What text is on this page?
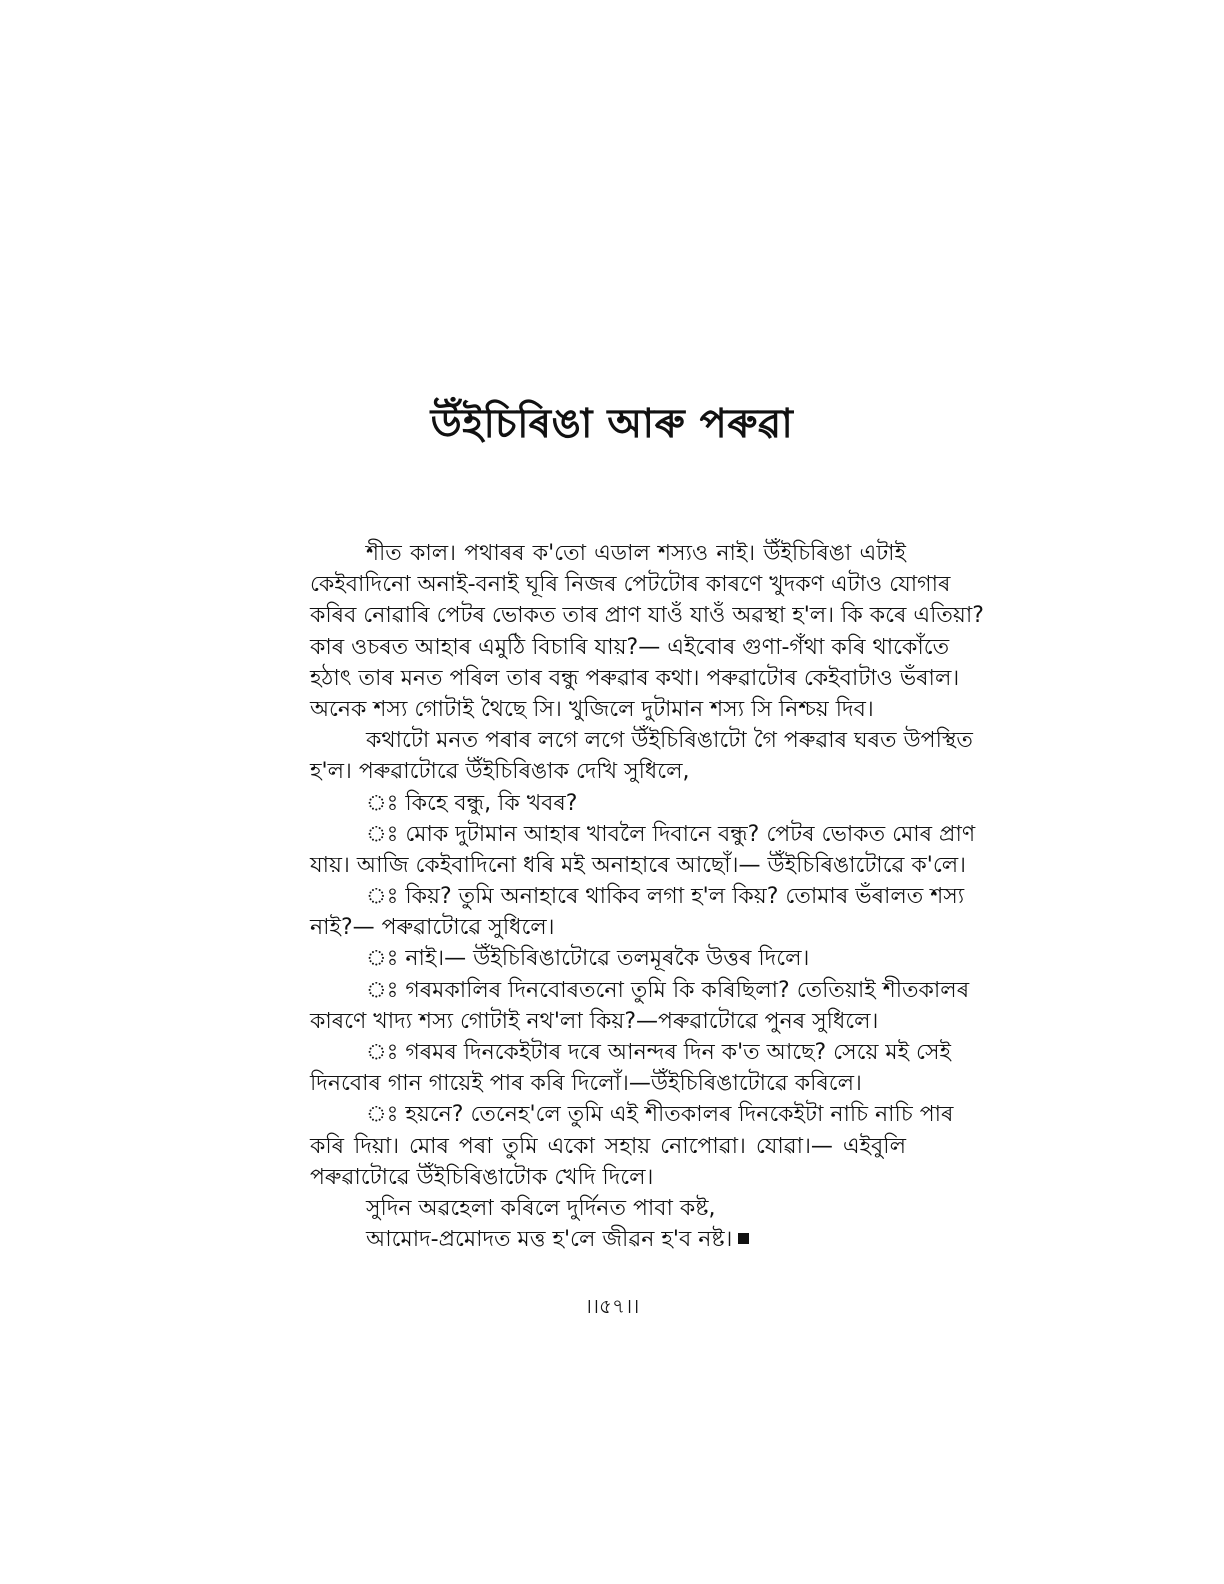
উঁইচিৰিঙা আৰু পৰুৱা
শীত কাল। পথাৰৰ ক'তো এডাল শস্যও নাই। উঁইচিৰিঙা এটাই
কেইবাদিনো অনাই-বনাই ঘূৰি নিজৰ পেটটোৰ কাৰণে খুদকণ এটাও যোগাৰ
কৰিব নোৱাৰি পেটৰ ভোকত তাৰ প্ৰাণ যাওঁ যাওঁ অৱস্থা হ'ল। কি কৰে এতিয়া?
কাৰ ওচৰত আহাৰ এমুঠি বিচাৰি যায়?— এইবোৰ গুণা-গঁথা কৰি থাকোঁতে
হঠাৎ তাৰ মনত পৰিল তাৰ বন্ধু পৰুৱাৰ কথা। পৰুৱাটোৰ কেইবাটাও ভঁৰাল।
অনেক শস্য গোটাই থৈছে সি। খুজিলে দুটামান শস্য সি নিশ্চয় দিব।
কথাটো মনত পৰাৰ লগে লগে উঁইচিৰিঙাটো গৈ পৰুৱাৰ ঘৰত উপস্থিত
হ'ল। পৰুৱাটোৱে উঁইচিৰিঙাক দেখি সুধিলে,
ঃ কিহে বন্ধু, কি খবৰ?
ঃ মোক দুটামান আহাৰ খাবলৈ দিবানে বন্ধু? পেটৰ ভোকত মোৰ প্ৰাণ
যায়। আজি কেইবাদিনো ধৰি মই অনাহাৰে আছোঁ।— উঁইচিৰিঙাটোৱে ক'লে।
ঃ কিয়? তুমি অনাহাৰে থাকিব লগা হ'ল কিয়? তোমাৰ ভঁৰালত শস্য
নাই?— পৰুৱাটোৱে সুধিলে।
ঃ নাই।— উঁইচিৰিঙাটোৱে তলমূৰকৈ উত্তৰ দিলে।
ঃ গৰমকালিৰ দিনবোৰতনো তুমি কি কৰিছিলা? তেতিয়াই শীতকালৰ
কাৰণে খাদ্য শস্য গোটাই নথ'লা কিয়?—পৰুৱাটোৱে পুনৰ সুধিলে।
ঃ গৰমৰ দিনকেইটাৰ দৰে আনন্দৰ দিন ক'ত আছে? সেয়ে মই সেই
দিনবোৰ গান গায়েই পাৰ কৰি দিলোঁ।—উঁইচিৰিঙাটোৱে কৰিলে।
ঃ হয়নে? তেনেহ'লে তুমি এই শীতকালৰ দিনকেইটা নাচি নাচি পাৰ
কৰি দিয়া। মোৰ পৰা তুমি একো সহায় নোপোৱা। যোৱা।— এইবুলি
পৰুৱাটোৱে উঁইচিৰিঙাটোক খেদি দিলে।
সুদিন অৱহেলা কৰিলে দুৰ্দিনত পাবা কষ্ট,
আমোদ-প্ৰমোদত মত্ত হ'লে জীৱন হ'ব নষ্ট।
।।৫৭।।
